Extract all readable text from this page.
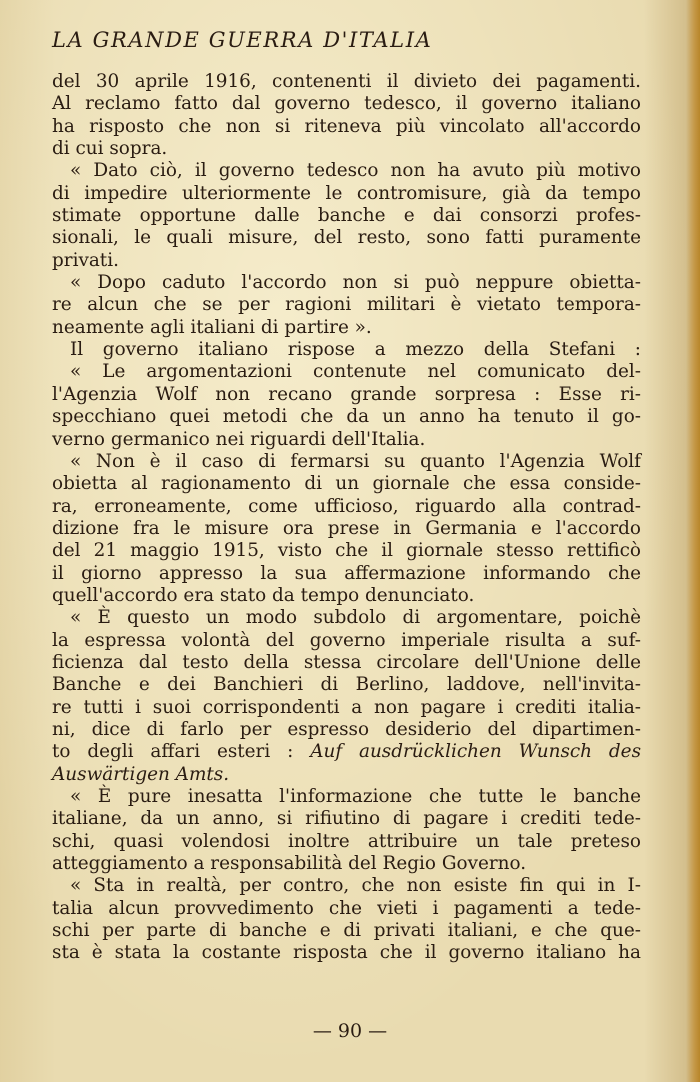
LA GRANDE GUERRA D'ITALIA
del 30 aprile 1916, contenenti il divieto dei pagamenti.
Al reclamo fatto dal governo tedesco, il governo italiano
ha risposto che non si riteneva più vincolato all'accordo
di cui sopra.
« Dato ciò, il governo tedesco non ha avuto più motivo
di impedire ulteriormente le contromisure, già da tempo
stimate opportune dalle banche e dai consorzi profes-
sionali, le quali misure, del resto, sono fatti puramente
privati.
« Dopo caduto l'accordo non si può neppure obietta-
re alcun che se per ragioni militari è vietato tempora-
neamente agli italiani di partire ».
Il governo italiano rispose a mezzo della Stefani :
« Le argomentazioni contenute nel comunicato del-
l'Agenzia Wolf non recano grande sorpresa : Esse ri-
specchiano quei metodi che da un anno ha tenuto il go-
verno germanico nei riguardi dell'Italia.
« Non è il caso di fermarsi su quanto l'Agenzia Wolf
obietta al ragionamento di un giornale che essa conside-
ra, erroneamente, come ufficioso, riguardo alla contrad-
dizione fra le misure ora prese in Germania e l'accordo
del 21 maggio 1915, visto che il giornale stesso rettificò
il giorno appresso la sua affermazione informando che
quell'accordo era stato da tempo denunciato.
« È questo un modo subdolo di argomentare, poichè
la espressa volontà del governo imperiale risulta a suf-
ficienza dal testo della stessa circolare dell'Unione delle
Banche e dei Banchieri di Berlino, laddove, nell'invita-
re tutti i suoi corrispondenti a non pagare i crediti italia-
ni, dice di farlo per espresso desiderio del dipartimen-
to degli affari esteri : Auf ausdrücklichen Wunsch des
Auswärtigen Amts.
« È pure inesatta l'informazione che tutte le banche
italiane, da un anno, si rifiutino di pagare i crediti tede-
schi, quasi volendosi inoltre attribuire un tale preteso
atteggiamento a responsabilità del Regio Governo.
« Sta in realtà, per contro, che non esiste fin qui in I-
talia alcun provvedimento che vieti i pagamenti a tede-
schi per parte di banche e di privati italiani, e che que-
sta è stata la costante risposta che il governo italiano ha
— 90 —
